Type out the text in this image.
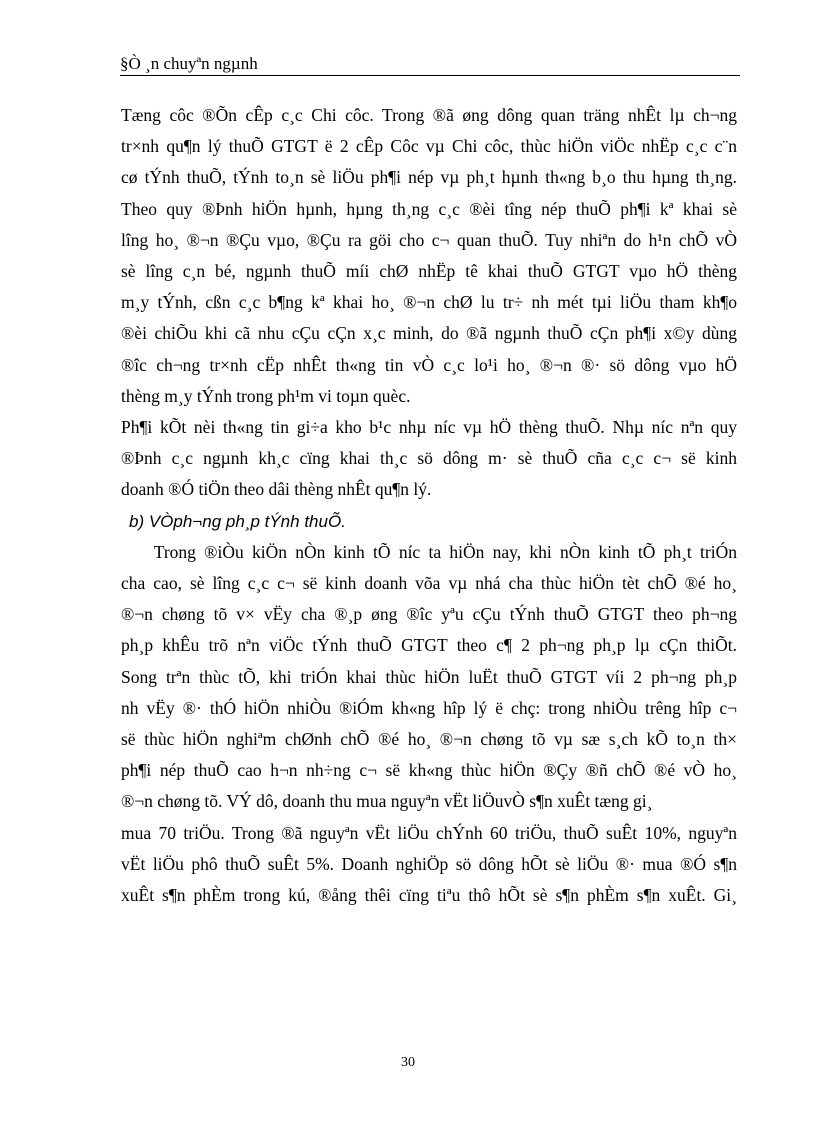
§Ò ¸n chuyªn ngµnh

Tæng côc ®Õn cÊp c¸c Chi côc. Trong ®ã øng dông quan träng nhÊt lµ ch¬ng
tr×nh qu¶n lý thuÕ GTGT ë 2 cÊp Côc vµ Chi côc, thùc hiÖn viÖc nhËp c¸c c¨n
cø tÝnh thuÕ, tÝnh to¸n sè liÖu ph¶i nép vµ ph¸t hµnh th«ng b¸o thu hµng th¸ng.
Theo quy ®Þnh hiÖn hµnh, hµng th¸ng c¸c ®èi tîng nép thuÕ ph¶i kª khai sè
lîng ho¸ ®¬n ®Çu vµo, ®Çu ra göi cho c¬ quan thuÕ. Tuy nhiªn do h¹n chÕ vÒ
sè lîng c¸n bé, ngµnh thuÕ míi chØ nhËp tê khai thuÕ GTGT vµo hÖ thèng
m¸y tÝnh, cßn c¸c b¶ng kª khai ho¸ ®¬n chØ lu tr÷ nh mét tµi liÖu tham kh¶o
®èi chiÕu khi cã nhu cÇu cÇn x¸c minh, do ®ã ngµnh thuÕ cÇn ph¶i x©y dùng
®îc ch¬ng tr×nh cËp nhÊt th«ng tin vÒ c¸c lo¹i ho¸ ®¬n ®· sö dông vµo hÖ
thèng m¸y tÝnh trong ph¹m vi toµn quèc.

Ph¶i kÕt nèi th«ng tin gi÷a kho b¹c nhµ níc vµ hÖ thèng thuÕ. Nhµ níc nªn quy
®Þnh c¸c ngµnh kh¸c cïng khai th¸c sö dông m· sè thuÕ cña c¸c c¬ së kinh
doanh ®Ó tiÖn theo dâi thèng nhÊt qu¶n lý.

b) VÒph¬ng ph¸p tÝnh thuÕ.

Trong ®iÒu kiÖn nÒn kinh tÕ níc ta hiÖn nay, khi nÒn kinh tÕ ph¸t triÓn
cha cao, sè lîng c¸c c¬ së kinh doanh võa vµ nhá cha thùc hiÖn tèt chÕ ®é ho¸
®¬n chøng tõ v× vËy cha ®¸p øng ®îc yªu cÇu tÝnh thuÕ GTGT theo ph¬ng
ph¸p khÊu trõ nªn viÖc tÝnh thuÕ GTGT theo c¶ 2 ph¬ng ph¸p lµ cÇn thiÕt.
Song trªn thùc tÕ, khi triÓn khai thùc hiÖn luËt thuÕ GTGT víi 2 ph¬ng ph¸p
nh vËy ®· thÓ hiÖn nhiÒu ®iÓm kh«ng hîp lý ë chç: trong nhiÒu trêng hîp c¬
së thùc hiÖn nghiªm chØnh chÕ ®é ho¸ ®¬n chøng tõ vµ sæ s¸ch kÕ to¸n th×
ph¶i nép thuÕ cao h¬n nh÷ng c¬ së kh«ng thùc hiÖn ®Çy ®ñ chÕ ®é vÒ ho¸
®¬n chøng tõ. VÝ dô, doanh thu mua nguyªn vËt liÖuvÒ s¶n xuÊt tæng gi¸
mua 70 triÖu. Trong ®ã nguyªn vËt liÖu chÝnh 60 triÖu, thuÕ suÊt 10%, nguyªn
vËt liÖu phô thuÕ suÊt 5%. Doanh nghiÖp sö dông hÕt sè liÖu ®· mua ®Ó s¶n
xuÊt s¶n phÈm trong kú, ®ång thêi cïng tiªu thô hÕt sè s¶n phÈm s¶n xuÊt. Gi¸

30
